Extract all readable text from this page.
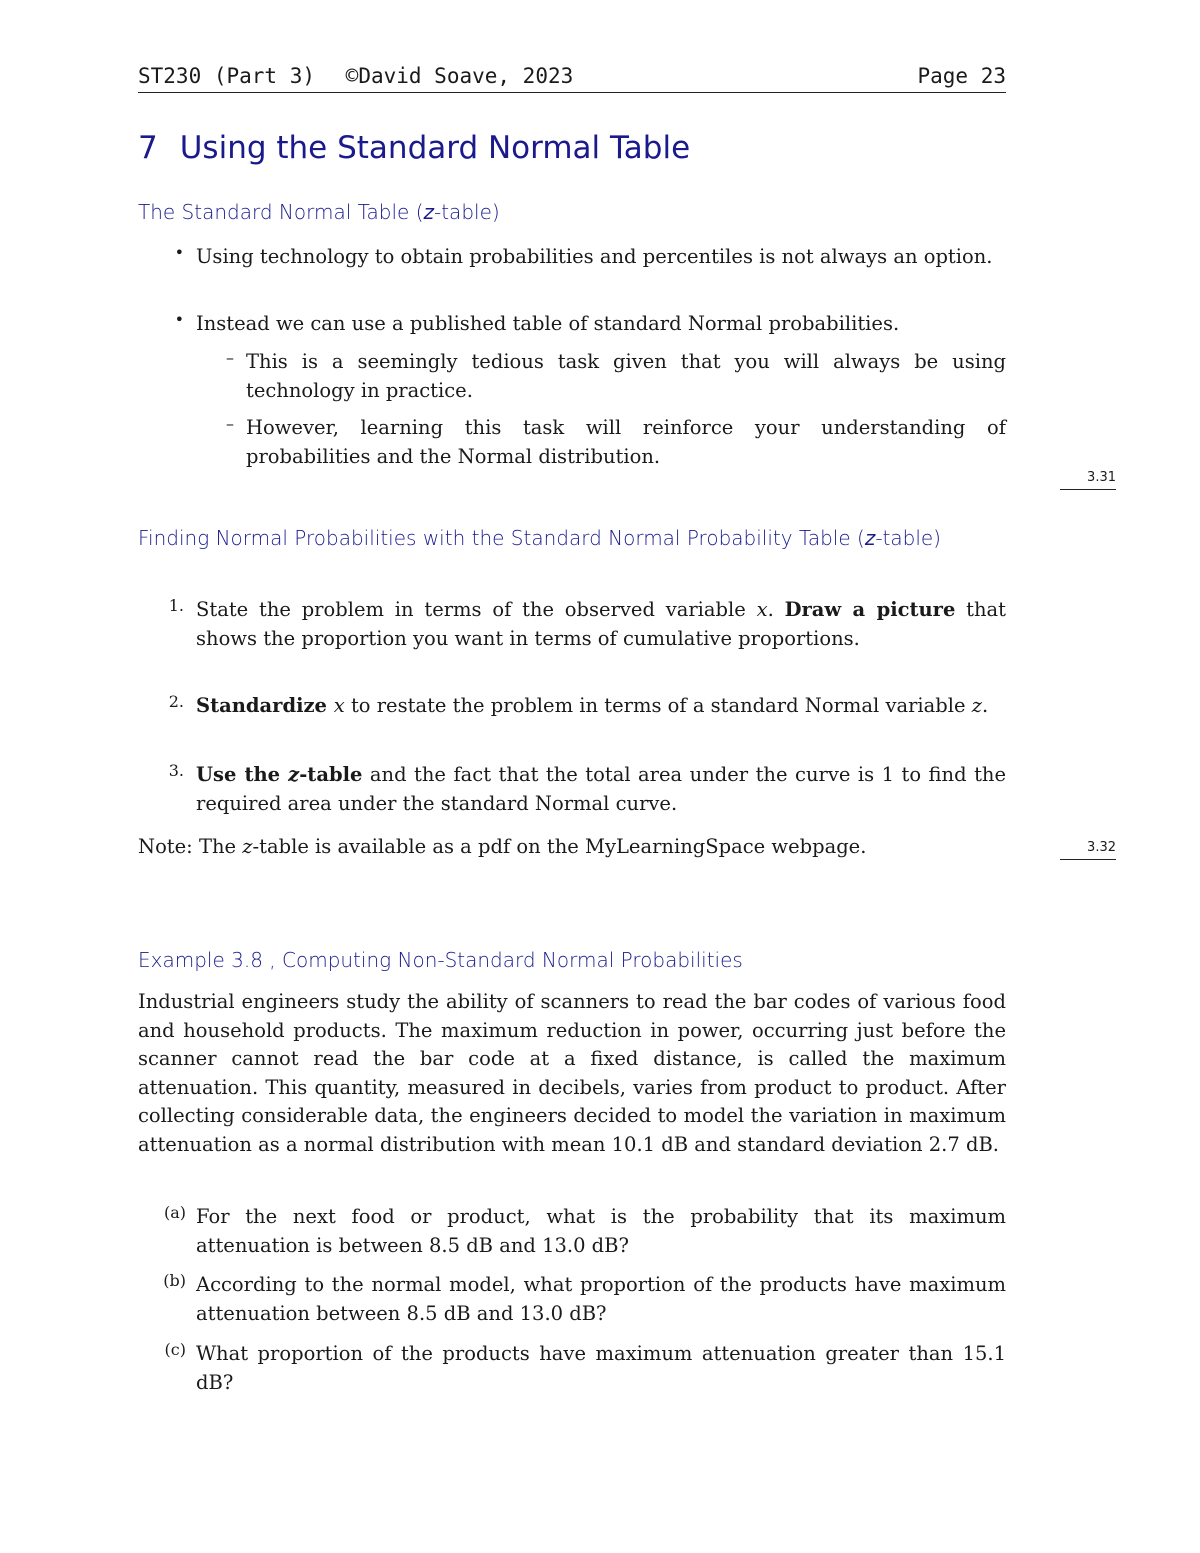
ST230 (Part 3) ©David Soave, 2023	Page 23
7 Using the Standard Normal Table
The Standard Normal Table (z-table)
• Using technology to obtain probabilities and percentiles is not always an option.
• Instead we can use a published table of standard Normal probabilities.
– This is a seemingly tedious task given that you will always be using technology in practice.
– However, learning this task will reinforce your understanding of probabilities and the Normal distribution.
3.31
Finding Normal Probabilities with the Standard Normal Probability Table (z-table)
1. State the problem in terms of the observed variable x. Draw a picture that shows the proportion you want in terms of cumulative proportions.
2. Standardize x to restate the problem in terms of a standard Normal variable z.
3. Use the z-table and the fact that the total area under the curve is 1 to find the required area under the standard Normal curve.
Note: The z-table is available as a pdf on the MyLearningSpace webpage.	3.32
Example 3.8 , Computing Non-Standard Normal Probabilities
Industrial engineers study the ability of scanners to read the bar codes of various food and household products. The maximum reduction in power, occurring just before the scanner cannot read the bar code at a fixed distance, is called the maximum attenuation. This quantity, measured in decibels, varies from product to product. After collecting considerable data, the engineers decided to model the variation in maximum attenuation as a normal distribution with mean 10.1 dB and standard deviation 2.7 dB.
(a) For the next food or product, what is the probability that its maximum attenuation is between 8.5 dB and 13.0 dB?
(b) According to the normal model, what proportion of the products have maximum attenuation between 8.5 dB and 13.0 dB?
(c) What proportion of the products have maximum attenuation greater than 15.1 dB?
